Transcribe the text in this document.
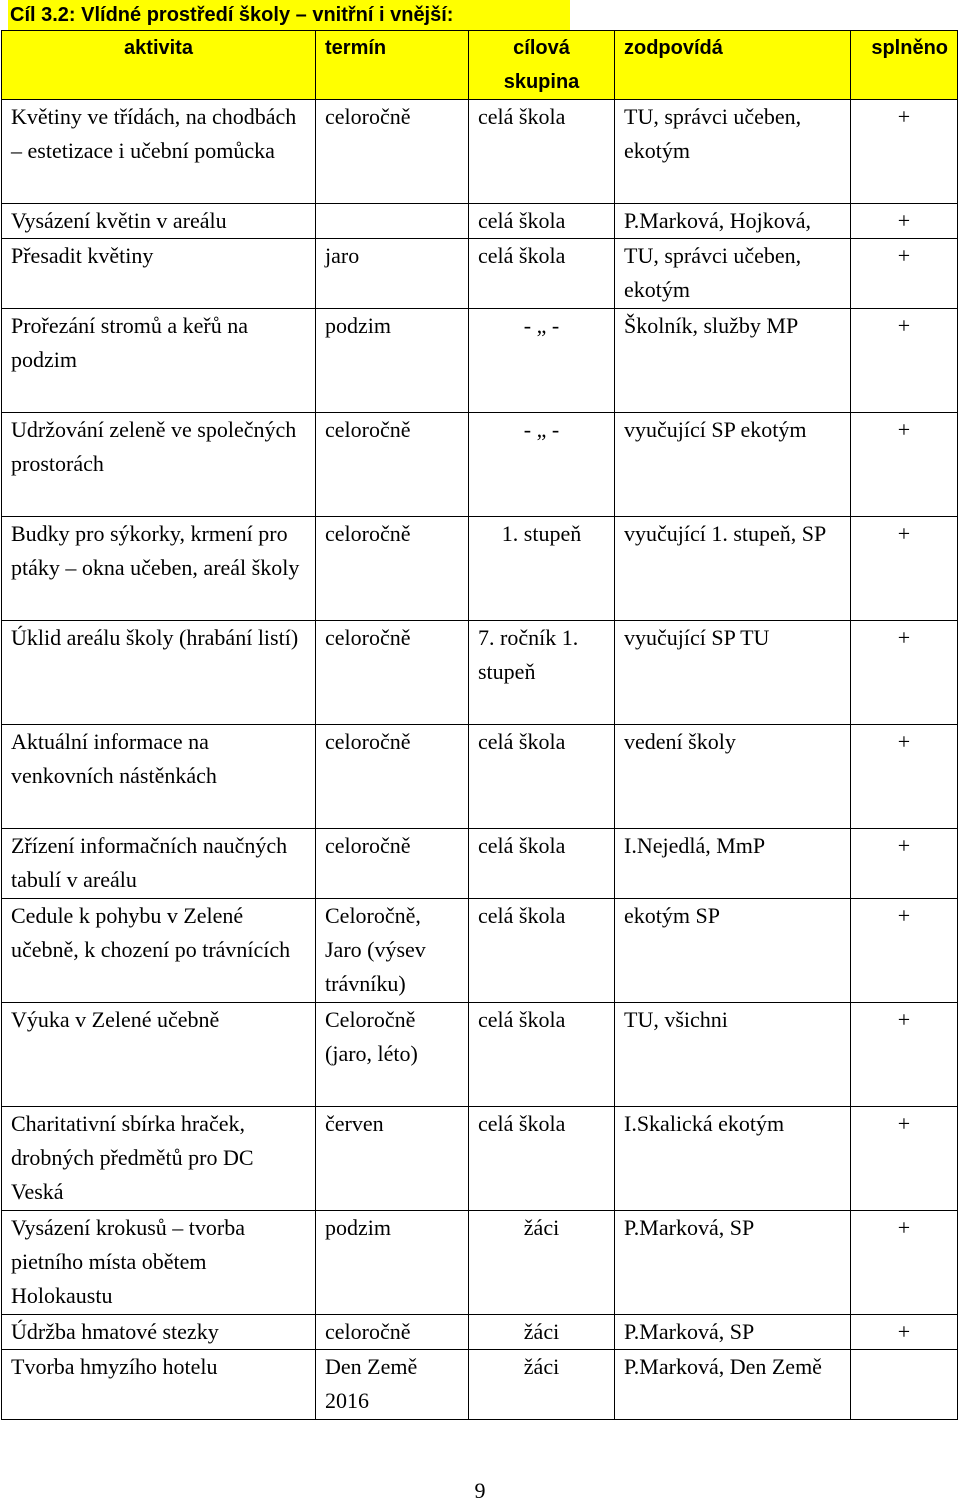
Cíl 3.2: Vlídné prostředí školy – vnitřní i vnější:
aktivita	termín	cílová skupina	zodpovídá	splněno
Květiny ve třídách, na chodbách – estetizace i učební pomůcka	celoročně	celá škola	TU, správci učeben, ekotým	+
Vysázení květin v areálu		celá škola	P.Marková, Hojková,	+
Přesadit květiny	jaro	celá škola	TU, správci učeben, ekotým	+
Prořezání stromů a keřů na podzim	podzim	- „ -	Školník, služby MP	+
Udržování zeleně ve společných prostorách	celoročně	- „ -	vyučující SP ekotým	+
Budky pro sýkorky, krmení pro ptáky – okna učeben, areál školy	celoročně	1. stupeň	vyučující 1. stupeň, SP	+
Úklid areálu školy (hrabání listí)	celoročně	7. ročník 1. stupeň	vyučující SP TU	+
Aktuální informace na venkovních nástěnkách	celoročně	celá škola	vedení školy	+
Zřízení informačních naučných tabulí v areálu	celoročně	celá škola	I.Nejedlá, MmP	+
Cedule k pohybu v Zelené učebně, k chození po trávnících	Celoročně, Jaro (výsev trávníku)	celá škola	ekotým SP	+
Výuka v Zelené učebně	Celoročně (jaro, léto)	celá škola	TU, všichni	+
Charitativní sbírka hraček, drobných předmětů pro DC Veská	červen	celá škola	I.Skalická ekotým	+
Vysázení krokusů – tvorba pietního místa obětem Holokaustu	podzim	žáci	P.Marková, SP	+
Údržba hmatové stezky	celoročně	žáci	P.Marková, SP	+
Tvorba hmyzího hotelu	Den Země 2016	žáci	P.Marková, Den Země	
9
